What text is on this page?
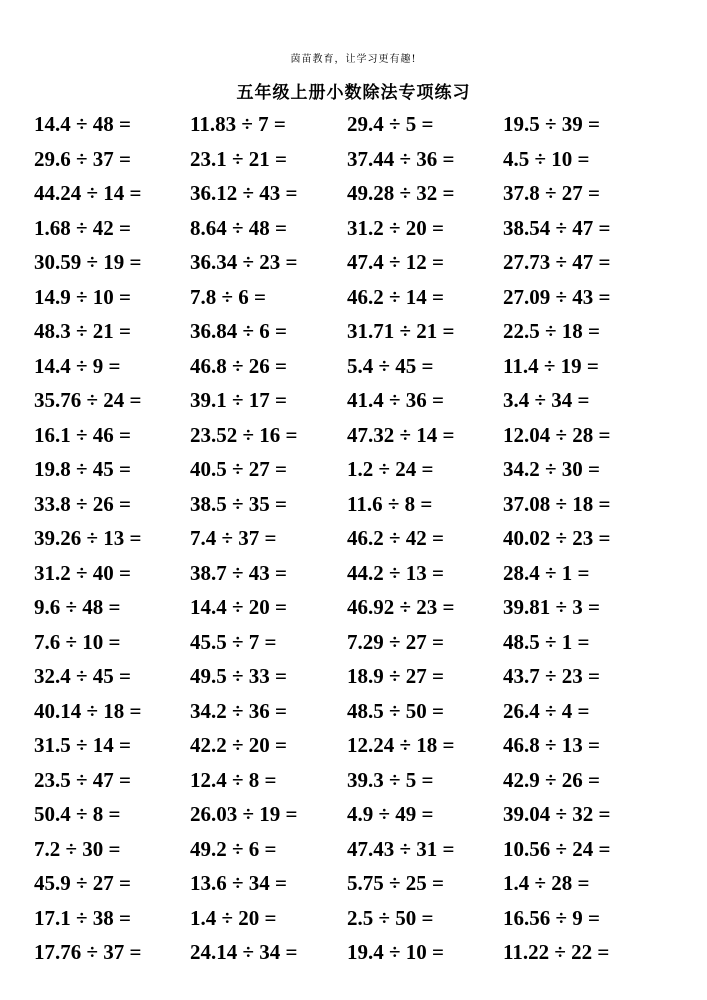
茵苗教育，让学习更有趣!
五年级上册小数除法专项练习
14.4 ÷ 48 =	11.83 ÷ 7 =	29.4 ÷ 5 =	19.5 ÷ 39 =
29.6 ÷ 37 =	23.1 ÷ 21 =	37.44 ÷ 36 = 4.5 ÷ 10 =
44.24 ÷ 14 = 36.12 ÷ 43 = 49.28 ÷ 32 = 37.8 ÷ 27 =
1.68 ÷ 42 =	8.64 ÷ 48 =	31.2 ÷ 20 =	38.54 ÷ 47 =
30.59 ÷ 19 = 36.34 ÷ 23 = 47.4 ÷ 12 =	27.73 ÷ 47 =
14.9 ÷ 10 =	7.8 ÷ 6 =	46.2 ÷ 14 =	27.09 ÷ 43 =
48.3 ÷ 21 =	36.84 ÷ 6 =	31.71 ÷ 21 = 22.5 ÷ 18 =
14.4 ÷ 9 =	46.8 ÷ 26 =	5.4 ÷ 45 =	11.4 ÷ 19 =
35.76 ÷ 24 = 39.1 ÷ 17 =	41.4 ÷ 36 =	3.4 ÷ 34 =
16.1 ÷ 46 =	23.52 ÷ 16 = 47.32 ÷ 14 = 12.04 ÷ 28 =
19.8 ÷ 45 =	40.5 ÷ 27 =	1.2 ÷ 24 =	34.2 ÷ 30 =
33.8 ÷ 26 =	38.5 ÷ 35 =	11.6 ÷ 8 =	37.08 ÷ 18 =
39.26 ÷ 13 = 7.4 ÷ 37 =	46.2 ÷ 42 =	40.02 ÷ 23 =
31.2 ÷ 40 =	38.7 ÷ 43 =	44.2 ÷ 13 =	28.4 ÷ 1 =
9.6 ÷ 48 =	14.4 ÷ 20 =	46.92 ÷ 23 = 39.81 ÷ 3 =
7.6 ÷ 10 =	45.5 ÷ 7 =	7.29 ÷ 27 =	48.5 ÷ 1 =
32.4 ÷ 45 =	49.5 ÷ 33 =	18.9 ÷ 27 =	43.7 ÷ 23 =
40.14 ÷ 18 = 34.2 ÷ 36 =	48.5 ÷ 50 =	26.4 ÷ 4 =
31.5 ÷ 14 =	42.2 ÷ 20 =	12.24 ÷ 18 = 46.8 ÷ 13 =
23.5 ÷ 47 =	12.4 ÷ 8 =	39.3 ÷ 5 =	42.9 ÷ 26 =
50.4 ÷ 8 =	26.03 ÷ 19 = 4.9 ÷ 49 =	39.04 ÷ 32 =
7.2 ÷ 30 =	49.2 ÷ 6 =	47.43 ÷ 31 = 10.56 ÷ 24 =
45.9 ÷ 27 =	13.6 ÷ 34 =	5.75 ÷ 25 =	1.4 ÷ 28 =
17.1 ÷ 38 =	1.4 ÷ 20 =	2.5 ÷ 50 =	16.56 ÷ 9 =
17.76 ÷ 37 = 24.14 ÷ 34 = 19.4 ÷ 10 =	11.22 ÷ 22 =
